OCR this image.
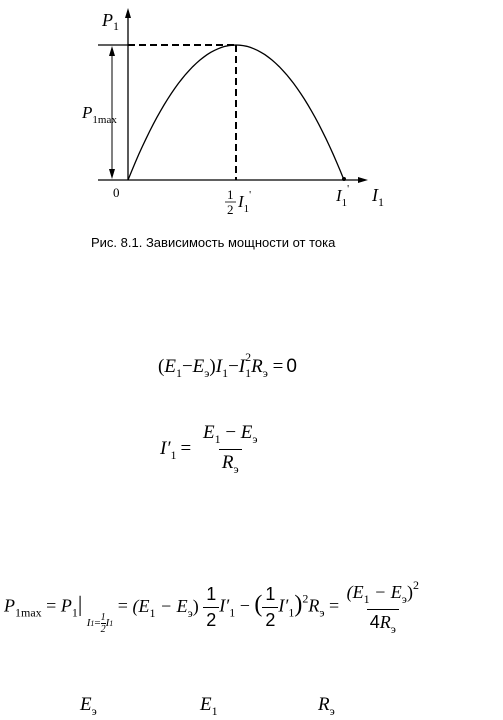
$P_1$
$I_1$
0
$P_{1max}$
1
2 $I_1'$	$I_1'$
Рис. 8.1. Зависимость мощности от тока
$(E_1-E_э)I_1-I$ $_{2 1}R_э = 0$
$I'_1 = \frac{E_1 - E_э}{R_э}$
$P_{1max} = P_1|$ $I1= \frac{1}{2} I1 = (E_1 - E_э) \frac{1}{2} I'_1$ − ( $\frac{1}{2} I'_1)^2R_э = \frac{(E_1 - E_э)^2}{4R_э}$
$E_э$	$E_1$	$R_э$
